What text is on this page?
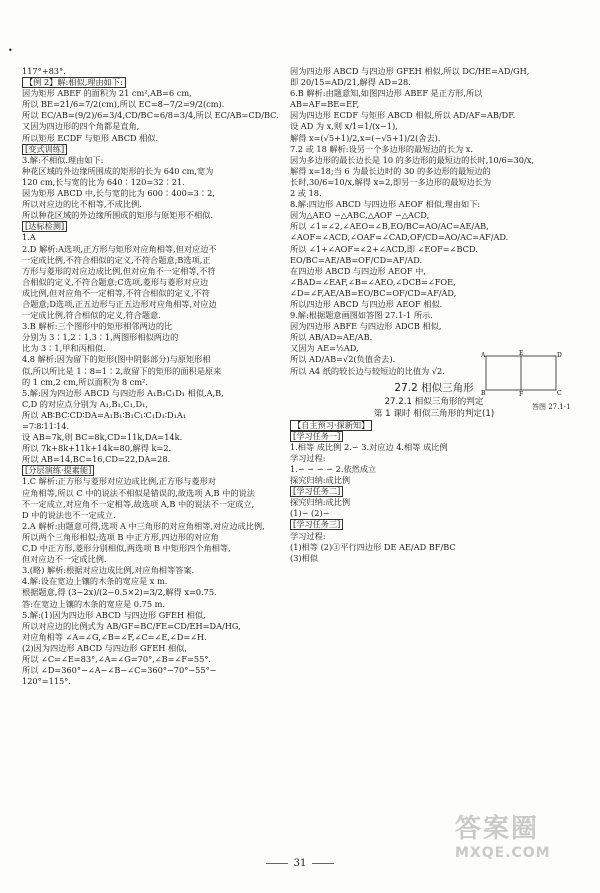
•
117°+83°.
【例 2】解:相似,理由如下:
因为矩形 ABEF 的面积为 21 cm²,AB=6 cm,
所以 BE=21/6=7/2(cm),所以 EC=8−7/2=9/2(cm).
所以 EC/AB=(9/2)/6=3/4,CD/BC=6/8=3/4,所以 EC/AB=CD/BC.
又因为四边形的四个角都是直角,
所以矩形 ECDF 与矩形 ABCD 相似.
[变式训练]
3.解:不相似.理由如下:
种花区域的外边缘所围成的矩形的长为 640 cm,宽为
120 cm,长与宽的比为 640∶120=32∶21.
因为矩形 ABCD 中,长与宽的比为 600∶400=3∶2,
所以对应边的比不相等,不成比例.
所以种花区域的外边缘所围成的矩形与原矩形不相似.
[达标检测]
1.A
2.D 解析:A选项,正方形与矩形对应角相等,但对应边不
一定成比例,不符合相似的定义,不符合题意;B选项,正
方形与菱形的对应边成比例,但对应角不一定相等,不符
合相似的定义,不符合题意;C选项,菱形与菱形对应边
成比例,但对应角不一定相等,不符合相似的定义,不符
合题意;D选项,正五边形与正五边形对应角相等,对应边
一定成比例,符合相似的定义,符合题意.
3.B 解析:三个图形中的矩形相邻两边的比
分别为 3∶1,2∶1,3∶1,两图形相似两边的
比为 3∶1,甲和丙相似.
4.8 解析:因为留下的矩形(图中阴影部分)与原矩形相
似,所以所比是 1∶8=1∶2,故留下的矩形的面积是原来
的 1 cm,2 cm,所以面积为 8 cm².
5.解:因为四边形 ABCD 与四边形 A₁B₁C₁D₁ 相似,A,B,
C,D 的对应点分别为 A₁,B₁,C₁,D₁,
所以 AB∶BC∶CD∶DA=A₁B₁∶B₁C₁∶C₁D₁∶D₁A₁
=7∶8∶11∶14.
设 AB=7k,则 BC=8k,CD=11k,DA=14k.
所以 7k+8k+11k+14k=80,解得 k=2.
所以 AB=14,BC=16,CD=22,DA=28.
[分层演练·提素能]
1.C 解析:正方形与菱形对应边成比例,正方形与菱形对
应角相等,所以 C 中的说法不相似是错误的,故选项 A,B 中的说法
不一定成立,对应角不一定相等,故选项 A,B 中的说法不一定成立,
D 中的说法也不一定成立.
2.A 解析:由题意可得,选项 A 中三角形的对应角相等,对应边成比例,
所以两个三角形相似;选项 B 中正方形,四边形的对应角
C,D 中正方形,菱形分别相似,两选项 B 中矩形四个角相等,
但对应边不一定成比例.
3.(略) 解析:根据对应边成比例,对应角相等答案.
4.解:设在宽边上镶的木条的宽应是 x m.
根据题意,得 (3−2x)/(2−0.5×2)=3/2,解得 x=0.75.
答:在宽边上镶的木条的宽应是 0.75 m.
5.解:(1)因为四边形 ABCD 与四边形 GFEH 相似,
所以对应边的比例式为 AB/GF=BC/FE=CD/EH=DA/HG,
对应角相等 ∠A=∠G,∠B=∠F,∠C=∠E,∠D=∠H.
(2)因为四边形 ABCD 与四边形 GFEH 相似,
所以 ∠C=∠E=83°,∠A=∠G=70°,∠B=∠F=55°.
所以 ∠D=360°−∠A−∠B−∠C=360°−70°−55°−
120°=115°.
因为四边形 ABCD 与四边形 GFEH 相似,所以 DC/HE=AD/GH,
即 20/15=AD/21,解得 AD=28.
6.B 解析:由题意知,如图四边形 ABEF 是正方形,所以
AB=AF=BE=EF,
因为四边形 ECDF 与矩形 ABCD 相似,所以 AD/AF=AB/DF.
设 AD 为 x,则 x/1=1/(x−1),
解得 x=(√5+1)/2,x=(−√5+1)/2(舍去).
7.2 或 18 解析:设另一个多边形的最短边的长为 x.
因为多边形的最长边长是 10 的多边形的最短边的长时,10/6=30/x,
解得 x=18;当 6 为最长边时的 30 的多边形的最短边的
长时,30/6=10/x,解得 x=2,即另一多边形的最短边长为
2 或 18.
8.解:四边形 ABCD 与四边形 AEOF 相似,理由如下:
因为△AEO ∽△ABC,△AOF ∽△ACD,
所以 ∠1=∠2,∠AEO=∠B,EO/BC=AO/AC=AE/AB,
∠AOF=∠ACD,∠OAF=∠CAD,OF/CD=AO/AC=AF/AD.
所以 ∠1+∠AOF=∠2+∠ACD,即 ∠EOF=∠BCD.
EO/BC=AE/AB=OF/CD=AF/AD.
在四边形 ABCD 与四边形 AEOF 中,
∠BAD=∠EAF,∠B=∠AEO,∠DCB=∠FOE,
∠D=∠F,AE/AB=EO/BC=OF/CD=AF/AD,
所以四边形 ABCD 与四边形 AEOF 相似.
9.解:根据题意画图如答图 27.1-1 所示.
因为四边形 ABFE 与四边形 ADCB 相似,
所以 AB/AD=AE/AB.
又因为 AE=½AD,
所以 AD/AB=√2(负值舍去).
所以 A4 纸的较长边与较短边的比值为 √2.
27.2 相似三角形
27.2.1 相似三角形的判定
第 1 课时 相似三角形的判定(1)
【自主预习·探新知】
[学习任务一]
1.相等 成比例 2.∽ 3.对应边 4.相等 成比例
学习过程:
1.∽ ∽ ∽ ∽ 2.依然成立
探究归纳:成比例
[学习任务二]
探究归纳:成比例
(1)∽ (2)∽
[学习任务三]
学习过程:
(1)相等 (2)①平行四边形 DE AE/AD BF/BC
(3)相似
A	E	D
B	F	C
答图 27.1-1
31
答案圈
MXQE.COM
